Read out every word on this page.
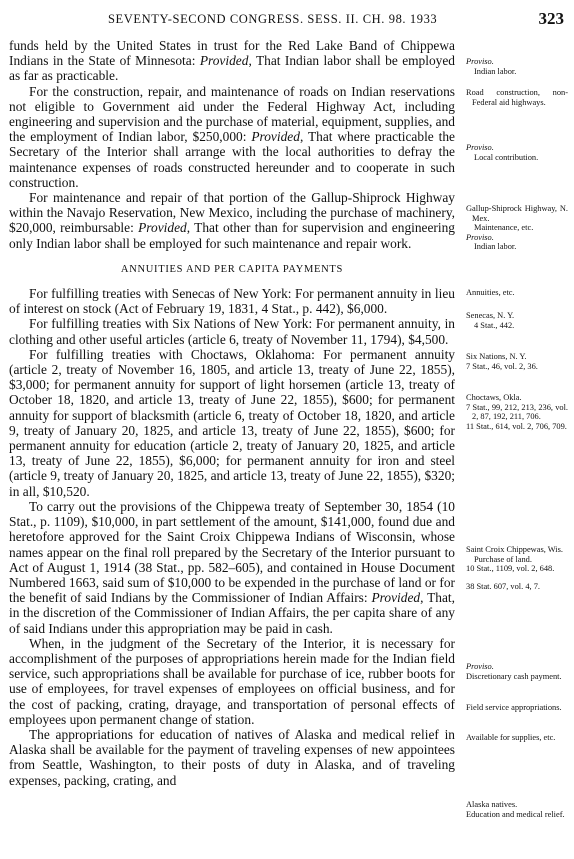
SEVENTY-SECOND CONGRESS. SESS. II. CH. 98. 1933	323

funds held by the United States in trust for the Red Lake Band of Chippewa Indians in the State of Minnesota: Provided, That Indian labor shall be employed as far as practicable.

For the construction, repair, and maintenance of roads on Indian reservations not eligible to Government aid under the Federal Highway Act, including engineering and supervision and the purchase of material, equipment, supplies, and the employment of Indian labor, $250,000: Provided, That where practicable the Secretary of the Interior shall arrange with the local authorities to defray the maintenance expenses of roads constructed hereunder and to cooperate in such construction.

For maintenance and repair of that portion of the Gallup-Shiprock Highway within the Navajo Reservation, New Mexico, including the purchase of machinery, $20,000, reimbursable: Provided, That other than for supervision and engineering only Indian labor shall be employed for such maintenance and repair work.

ANNUITIES AND PER CAPITA PAYMENTS

For fulfilling treaties with Senecas of New York: For permanent annuity in lieu of interest on stock (Act of February 19, 1831, 4 Stat., p. 442), $6,000.

For fulfilling treaties with Six Nations of New York: For permanent annuity, in clothing and other useful articles (article 6, treaty of November 11, 1794), $4,500.

For fulfilling treaties with Choctaws, Oklahoma: For permanent annuity (article 2, treaty of November 16, 1805, and article 13, treaty of June 22, 1855), $3,000; for permanent annuity for support of light horsemen (article 13, treaty of October 18, 1820, and article 13, treaty of June 22, 1855), $600; for permanent annuity for support of blacksmith (article 6, treaty of October 18, 1820, and article 9, treaty of January 20, 1825, and article 13, treaty of June 22, 1855), $600; for permanent annuity for education (article 2, treaty of January 20, 1825, and article 13, treaty of June 22, 1855), $6,000; for permanent annuity for iron and steel (article 9, treaty of January 20, 1825, and article 13, treaty of June 22, 1855), $320; in all, $10,520.

To carry out the provisions of the Chippewa treaty of September 30, 1854 (10 Stat., p. 1109), $10,000, in part settlement of the amount, $141,000, found due and heretofore approved for the Saint Croix Chippewa Indians of Wisconsin, whose names appear on the final roll prepared by the Secretary of the Interior pursuant to Act of August 1, 1914 (38 Stat., pp. 582–605), and contained in House Document Numbered 1663, said sum of $10,000 to be expended in the purchase of land or for the benefit of said Indians by the Commissioner of Indian Affairs: Provided, That, in the discretion of the Commissioner of Indian Affairs, the per capita share of any of said Indians under this appropriation may be paid in cash.

When, in the judgment of the Secretary of the Interior, it is necessary for accomplishment of the purposes of appropriations herein made for the Indian field service, such appropriations shall be available for purchase of ice, rubber boots for use of employees, for travel expenses of employees on official business, and for the cost of packing, crating, drayage, and transportation of personal effects of employees upon permanent change of station.

The appropriations for education of natives of Alaska and medical relief in Alaska shall be available for the payment of traveling expenses of new appointees from Seattle, Washington, to their posts of duty in Alaska, and of traveling expenses, packing, crating, and

Proviso.
Indian labor.
Road construction, non-Federal aid highways.
Proviso.
Local contribution.
Gallup-Shiprock Highway, N. Mex.
Maintenance, etc.
Proviso.
Indian labor.
Annuities, etc.
Senecas, N. Y.
4 Stat., 442.
Six Nations, N. Y.
7 Stat., 46, vol. 2, 36.
Choctaws, Okla.
7 Stat., 99, 212, 213, 236, vol. 2, 87, 192, 211, 706.
11 Stat., 614, vol. 2, 706, 709.
Saint Croix Chippewas, Wis.
Purchase of land.
10 Stat., 1109, vol. 2, 648.
38 Stat. 607, vol. 4, 7.
Proviso.
Discretionary cash payment.
Field service appropriations.
Available for supplies, etc.
Alaska natives.
Education and medical relief.
